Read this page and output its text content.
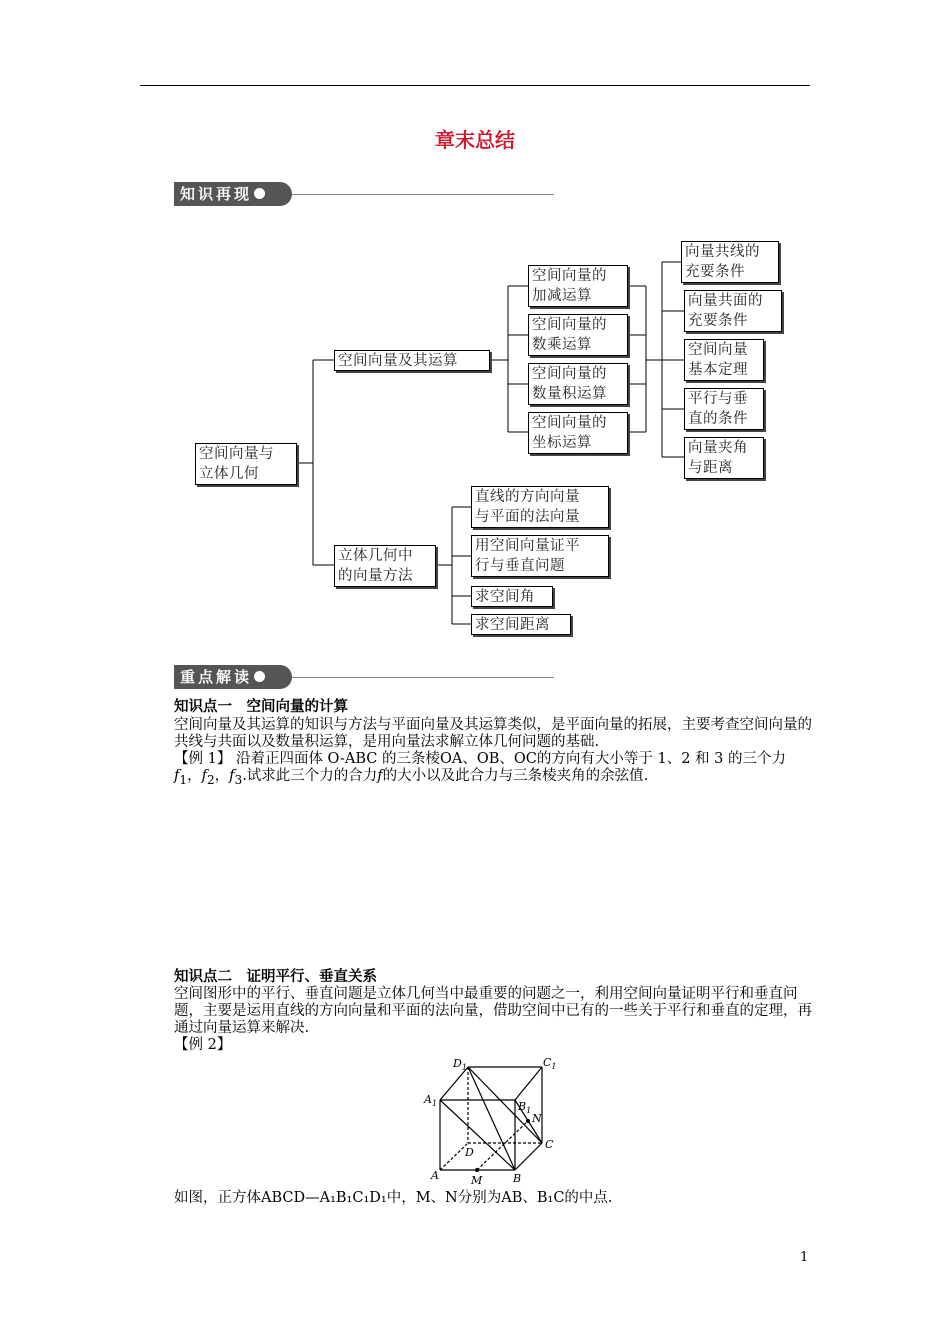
章末总结
知识再现
空间向量与
立体几何
空间向量及其运算
空间向量的
加减运算
空间向量的
数乘运算
空间向量的
数量积运算
空间向量的
坐标运算
向量共线的
充要条件
向量共面的
充要条件
空间向量
基本定理
平行与垂
直的条件
向量夹角
与距离
立体几何中
的向量方法
直线的方向向量
与平面的法向量
用空间向量证平
行与垂直问题
求空间角
求空间距离
重点解读
知识点一　空间向量的计算
空间向量及其运算的知识与方法与平面向量及其运算类似，是平面向量的拓展，主要考查空间向量的共线与共面以及数量积运算，是用向量法求解立体几何问题的基础.
【例 1】 沿着正四面体 O-ABC 的三条棱OA、OB、OC的方向有大小等于 1、2 和 3 的三个力
$f_1$，$f_2$，$f_3$.试求此三个力的合力f的大小以及此合力与三条棱夹角的余弦值.
知识点二　证明平行、垂直关系
空间图形中的平行、垂直问题是立体几何当中最重要的问题之一，利用空间向量证明平行和垂直问题，主要是运用直线的方向向量和平面的法向量，借助空间中已有的一些关于平行和垂直的定理，再通过向量运算来解决.
【例 2】
$D_1$	$C_1$
$A_1$	$B_1$
N
C
D
A	M	B
如图，正方体ABCD—A₁B₁C₁D₁中，M、N分别为AB、B₁C的中点.
1
